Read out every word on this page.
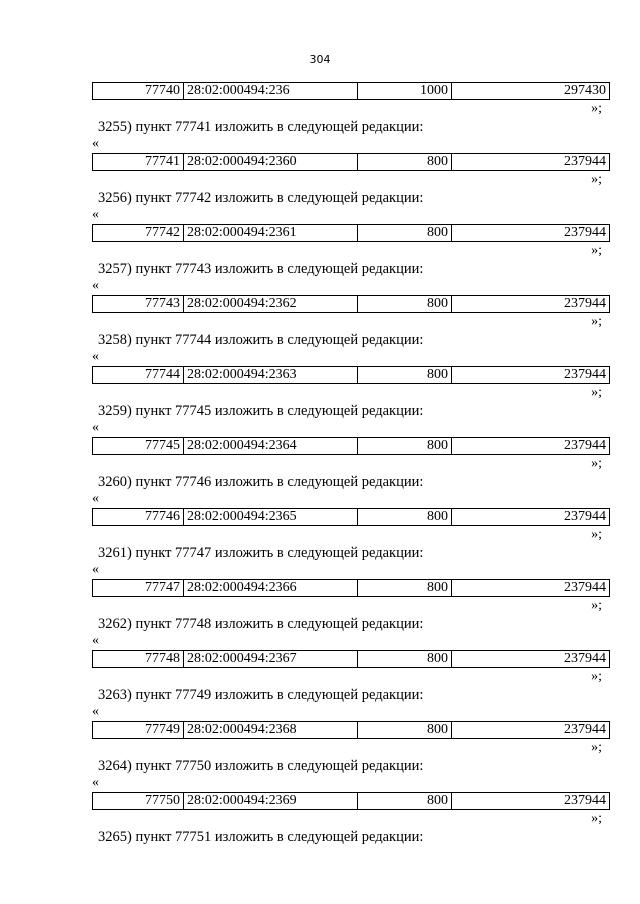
304
77740	28:02:000494:236	1000	297430
»;
3255) пункт 77741 изложить в следующей редакции:
«
77741	28:02:000494:2360	800	237944
»;
3256) пункт 77742 изложить в следующей редакции:
«
77742	28:02:000494:2361	800	237944
»;
3257) пункт 77743 изложить в следующей редакции:
«
77743	28:02:000494:2362	800	237944
»;
3258) пункт 77744 изложить в следующей редакции:
«
77744	28:02:000494:2363	800	237944
»;
3259) пункт 77745 изложить в следующей редакции:
«
77745	28:02:000494:2364	800	237944
»;
3260) пункт 77746 изложить в следующей редакции:
«
77746	28:02:000494:2365	800	237944
»;
3261) пункт 77747 изложить в следующей редакции:
«
77747	28:02:000494:2366	800	237944
»;
3262) пункт 77748 изложить в следующей редакции:
«
77748	28:02:000494:2367	800	237944
»;
3263) пункт 77749 изложить в следующей редакции:
«
77749	28:02:000494:2368	800	237944
»;
3264) пункт 77750 изложить в следующей редакции:
«
77750	28:02:000494:2369	800	237944
»;
3265) пункт 77751 изложить в следующей редакции:
